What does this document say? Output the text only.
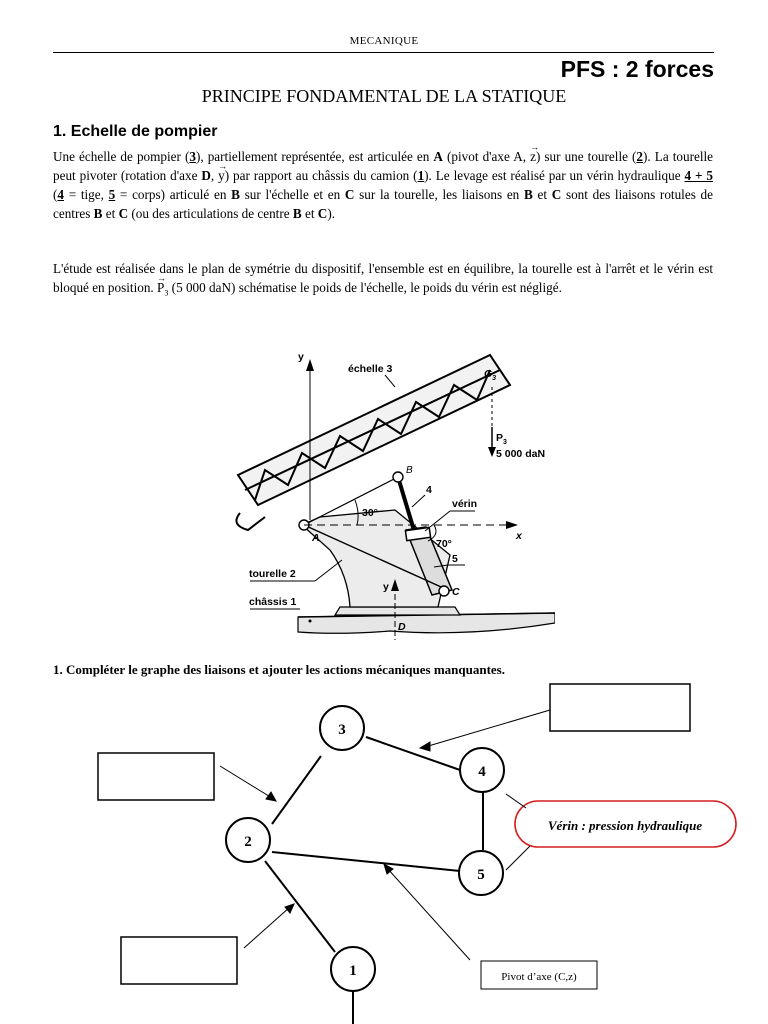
MECANIQUE
PFS : 2 forces
PRINCIPE FONDAMENTAL DE LA STATIQUE
1. Echelle de pompier

Une échelle de pompier (3), partiellement représentée, est articulée en A (pivot d'axe A, → z) sur une tourelle (2). La tourelle peut pivoter (rotation d'axe D, → y) par rapport au châssis du camion (1). Le levage est réalisé par un vérin hydraulique 4 + 5 (4 = tige, 5 = corps) articulé en B sur l'échelle et en C sur la tourelle, les liaisons en B et C sont des liaisons rotules de centres B et C (ou des articulations de centre B et C).

L'étude est réalisée dans le plan de symétrie du dispositif, l'ensemble est en équilibre, la tourelle est à l'arrêt et le vérin est bloqué en position. → $P_3$ (5 000 daN) schématise le poids de l'échelle, le poids du vérin est négligé.

y
x
30°
70°
échelle 3	$G_3$
$P_3$
5 000 daN
B
4
vérin
5
A
C
tourelle 2
châssis 1
y
D
1. Compléter le graphe des liaisons et ajouter les actions mécaniques manquantes.
3
4
2
5
1
Vérin : pression hydraulique
Pivot d’axe (C,z)
